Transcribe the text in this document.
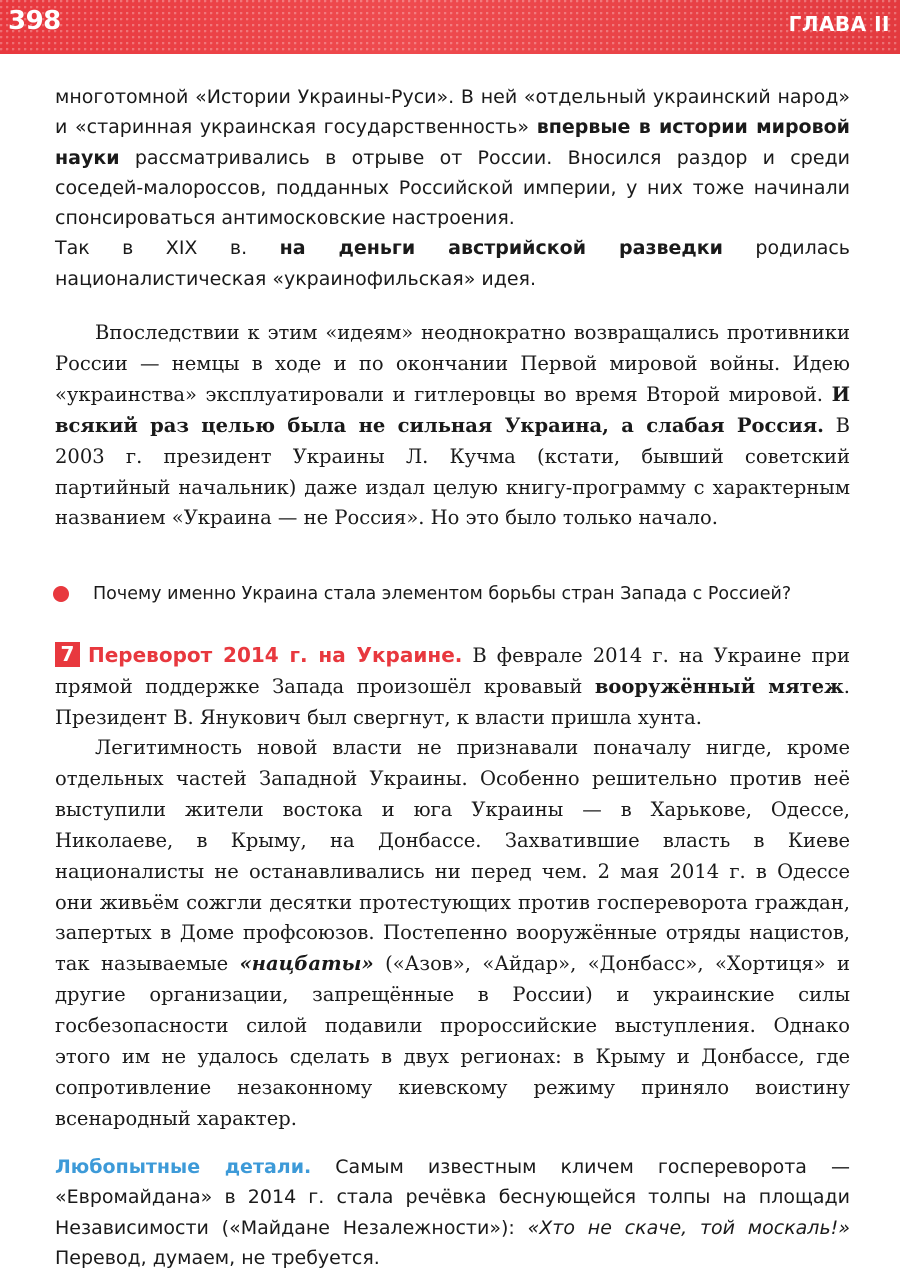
398	ГЛАВА II

многотомной «Истории Украины-Руси». В ней «отдельный украинский народ» и «старинная украинская государственность» впервые в истории мировой науки рассматривались в отрыве от России. Вносился раздор и среди соседей-малороссов, подданных Российской империи, у них тоже начинали спонсироваться антимосковские настроения.
Так в XIX в. на деньги австрийской разведки родилась националистическая «украинофильская» идея.

Впоследствии к этим «идеям» неоднократно возвращались противники России — немцы в ходе и по окончании Первой мировой войны. Идею «украинства» эксплуатировали и гитлеровцы во время Второй мировой. И всякий раз целью была не сильная Украина, а слабая Россия. В 2003 г. президент Украины Л. Кучма (кстати, бывший советский партийный начальник) даже издал целую книгу-программу с характерным названием «Украина — не Россия». Но это было только начало.

Почему именно Украина стала элементом борьбы стран Запада с Россией?

7 Переворот 2014 г. на Украине. В феврале 2014 г. на Украине при прямой поддержке Запада произошёл кровавый вооружённый мятеж. Президент В. Янукович был свергнут, к власти пришла хунта.

Легитимность новой власти не признавали поначалу нигде, кроме отдельных частей Западной Украины. Особенно решительно против неё выступили жители востока и юга Украины — в Харькове, Одессе, Николаеве, в Крыму, на Донбассе. Захватившие власть в Киеве националисты не останавливались ни перед чем. 2 мая 2014 г. в Одессе они живьём сожгли десятки протестующих против госпереворота граждан, запертых в Доме профсоюзов. Постепенно вооружённые отряды нацистов, так называемые «нацбаты» («Азов», «Айдар», «Донбасс», «Хортиця» и другие организации, запрещённые в России) и украинские силы госбезопасности силой подавили пророссийские выступления. Однако этого им не удалось сделать в двух регионах: в Крыму и Донбассе, где сопротивление незаконному киевскому режиму приняло воистину всенародный характер.

Любопытные детали. Самым известным кличем госпереворота — «Евромайдана» в 2014 г. стала речёвка беснующейся толпы на площади Независимости («Майдане Незалежности»): «Хто не скаче, той москаль!» Перевод, думаем, не требуется.
